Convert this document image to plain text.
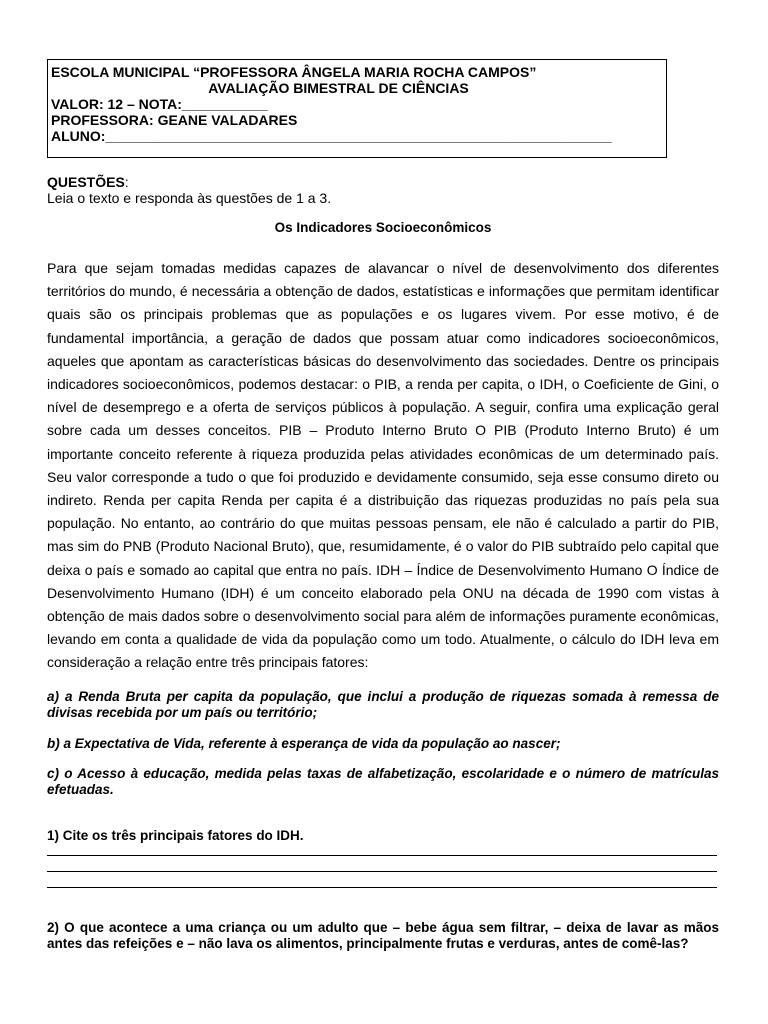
ESCOLA MUNICIPAL “PROFESSORA ÂNGELA MARIA ROCHA CAMPOS”
AVALIAÇÃO BIMESTRAL DE CIÊNCIAS
VALOR: 12 – NOTA:___________
PROFESSORA: GEANE VALADARES
ALUNO:_________________________________________________________________
QUESTÕES:
Leia o texto e responda às questões de 1 a 3.
Os Indicadores Socioeconômicos

Para que sejam tomadas medidas capazes de alavancar o nível de desenvolvimento dos diferentes territórios do mundo, é necessária a obtenção de dados, estatísticas e informações que permitam identificar quais são os principais problemas que as populações e os lugares vivem. Por esse motivo, é de fundamental importância, a geração de dados que possam atuar como indicadores socioeconômicos, aqueles que apontam as características básicas do desenvolvimento das sociedades. Dentre os principais indicadores socioeconômicos, podemos destacar: o PIB, a renda per capita, o IDH, o Coeficiente de Gini, o nível de desemprego e a oferta de serviços públicos à população. A seguir, confira uma explicação geral sobre cada um desses conceitos. PIB – Produto Interno Bruto O PIB (Produto Interno Bruto) é um importante conceito referente à riqueza produzida pelas atividades econômicas de um determinado país. Seu valor corresponde a tudo o que foi produzido e devidamente consumido, seja esse consumo direto ou indireto. Renda per capita Renda per capita é a distribuição das riquezas produzidas no país pela sua população. No entanto, ao contrário do que muitas pessoas pensam, ele não é calculado a partir do PIB, mas sim do PNB (Produto Nacional Bruto), que, resumidamente, é o valor do PIB subtraído pelo capital que deixa o país e somado ao capital que entra no país. IDH – Índice de Desenvolvimento Humano O Índice de Desenvolvimento Humano (IDH) é um conceito elaborado pela ONU na década de 1990 com vistas à obtenção de mais dados sobre o desenvolvimento social para além de informações puramente econômicas, levando em conta a qualidade de vida da população como um todo. Atualmente, o cálculo do IDH leva em consideração a relação entre três principais fatores:

a) a Renda Bruta per capita da população, que inclui a produção de riquezas somada à remessa de divisas recebida por um país ou território;

b) a Expectativa de Vida, referente à esperança de vida da população ao nascer;

c) o Acesso à educação, medida pelas taxas de alfabetização, escolaridade e o número de matrículas efetuadas.

1) Cite os três principais fatores do IDH.

2) O que acontece a uma criança ou um adulto que – bebe água sem filtrar, – deixa de lavar as mãos antes das refeições e – não lava os alimentos, principalmente frutas e verduras, antes de comê-las?
